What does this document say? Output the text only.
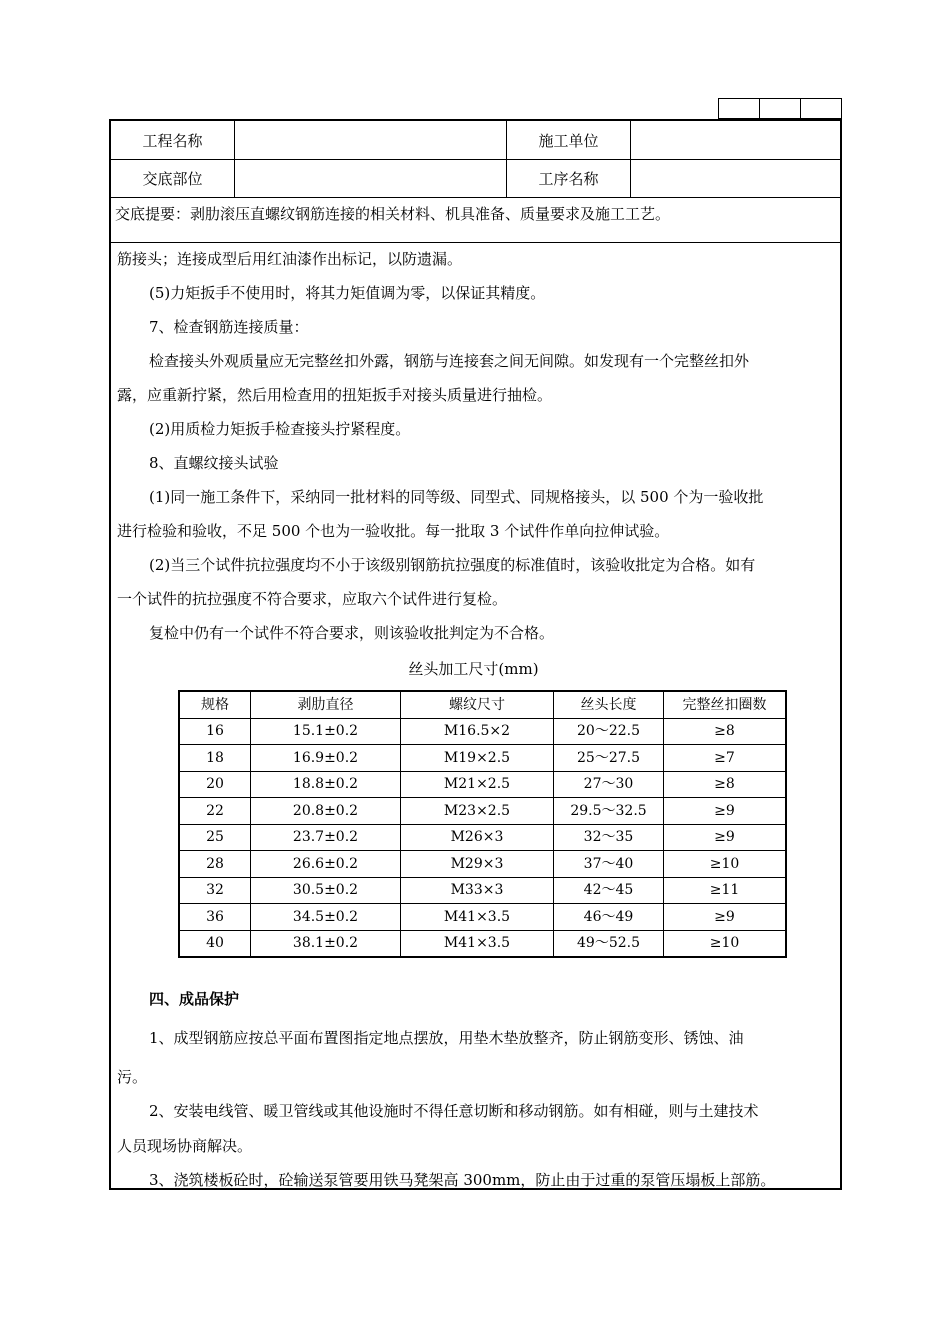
工程名称	施工单位
交底部位	工序名称
交底提要：剥肋滚压直螺纹钢筋连接的相关材料、机具准备、质量要求及施工工艺。
筋接头；连接成型后用红油漆作出标记，以防遗漏。
(5)力矩扳手不使用时，将其力矩值调为零，以保证其精度。
7、检查钢筋连接质量：
检查接头外观质量应无完整丝扣外露，钢筋与连接套之间无间隙。如发现有一个完整丝扣外
露，应重新拧紧，然后用检查用的扭矩扳手对接头质量进行抽检。
(2)用质检力矩扳手检查接头拧紧程度。
8、直螺纹接头试验
(1)同一施工条件下，采纳同一批材料的同等级、同型式、同规格接头，以 500 个为一验收批
进行检验和验收，不足 500 个也为一验收批。每一批取 3 个试件作单向拉伸试验。
(2)当三个试件抗拉强度均不小于该级别钢筋抗拉强度的标准值时，该验收批定为合格。如有
一个试件的抗拉强度不符合要求，应取六个试件进行复检。
复检中仍有一个试件不符合要求，则该验收批判定为不合格。
丝头加工尺寸(mm)
规格	剥肋直径	螺纹尺寸	丝头长度	完整丝扣圈数
16	15.1±0.2	M16.5×2	20～22.5	≥8
18	16.9±0.2	M19×2.5	25～27.5	≥7
20	18.8±0.2	M21×2.5	27～30	≥8
22	20.8±0.2	M23×2.5	29.5～32.5	≥9
25	23.7±0.2	M26×3	32～35	≥9
28	26.6±0.2	M29×3	37～40	≥10
32	30.5±0.2	M33×3	42～45	≥11
36	34.5±0.2	M41×3.5	46～49	≥9
40	38.1±0.2	M41×3.5	49～52.5	≥10
四、成品保护
1、成型钢筋应按总平面布置图指定地点摆放，用垫木垫放整齐，防止钢筋变形、锈蚀、油
污。
2、安装电线管、暖卫管线或其他设施时不得任意切断和移动钢筋。如有相碰，则与土建技术
人员现场协商解决。
3、浇筑楼板砼时，砼输送泵管要用铁马凳架高 300mm，防止由于过重的泵管压塌板上部筋。
